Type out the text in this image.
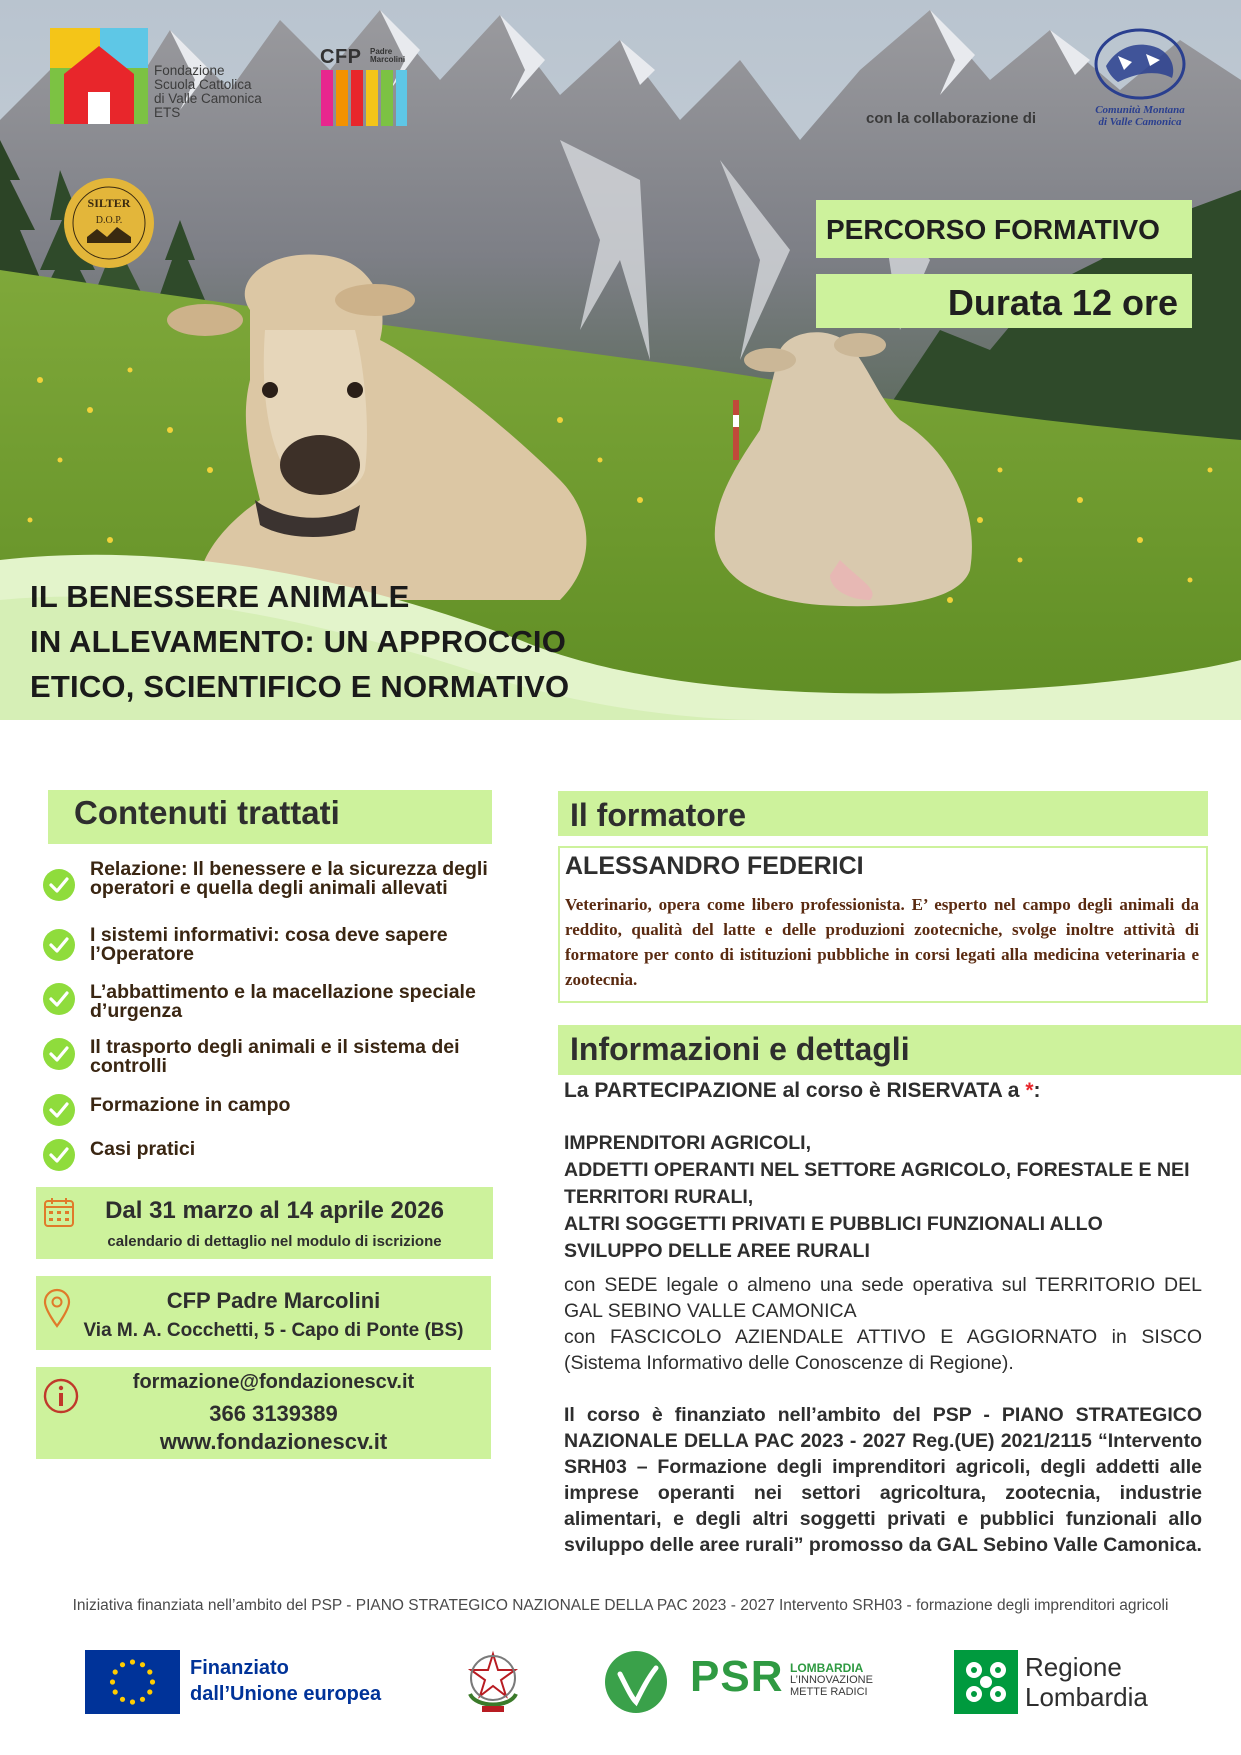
Fondazione
Scuola Cattolica
di Valle Camonica
ETS
CFP Padre
Marcolini
con la collaborazione di	Comunità Montana
di Valle Camonica
SILTER
D.O.P.	PERCORSO FORMATIVO
Durata 12 ore
IL BENESSERE ANIMALE
IN ALLEVAMENTO: UN APPROCCIO
ETICO, SCIENTIFICO E NORMATIVO
Contenuti trattati
Relazione: Il benessere e la sicurezza degli
operatori e quella degli animali allevati
I sistemi informativi: cosa deve sapere
l’Operatore
L’abbattimento e la macellazione speciale
d’urgenza
Il trasporto degli animali e il sistema dei
controlli
Formazione in campo
Casi pratici
Dal 31 marzo al 14 aprile 2026
calendario di dettaglio nel modulo di iscrizione
CFP Padre Marcolini
Via M. A. Cocchetti, 5 - Capo di Ponte (BS)
formazione@fondazionescv.it
366 3139389
www.fondazionescv.it
Il formatore
ALESSANDRO FEDERICI
Veterinario, opera come libero professionista. E’ esperto nel campo degli animali da reddito, qualità del latte e delle produzioni zootecniche, svolge inoltre attività di formatore per conto di istituzioni pubbliche in corsi legati alla medicina veterinaria e zootecnia.
Informazioni e dettagli
La PARTECIPAZIONE al corso è RISERVATA a *:
IMPRENDITORI AGRICOLI,
ADDETTI OPERANTI NEL SETTORE AGRICOLO, FORESTALE E NEI
TERRITORI RURALI,
ALTRI SOGGETTI PRIVATI E PUBBLICI FUNZIONALI ALLO
SVILUPPO DELLE AREE RURALI
con SEDE legale o almeno una sede operativa sul TERRITORIO DEL GAL SEBINO VALLE CAMONICA
con FASCICOLO AZIENDALE ATTIVO E AGGIORNATO in SISCO (Sistema Informativo delle Conoscenze di Regione).
Il corso è finanziato nell’ambito del PSP - PIANO STRATEGICO NAZIONALE DELLA PAC 2023 - 2027 Reg.(UE) 2021/2115 “Intervento SRH03 – Formazione degli imprenditori agricoli, degli addetti alle imprese operanti nei settori agricoltura, zootecnia, industrie alimentari, e degli altri soggetti privati e pubblici funzionali allo sviluppo delle aree rurali” promosso da GAL Sebino Valle Camonica.
Iniziativa finanziata nell’ambito del PSP - PIANO STRATEGICO NAZIONALE DELLA PAC 2023 - 2027 Intervento SRH03 - formazione degli imprenditori agricoli
Finanziato
dall’Unione europea	PSR LOMBARDIA
L’INNOVAZIONE
METTE RADICI
Regione
Lombardia
